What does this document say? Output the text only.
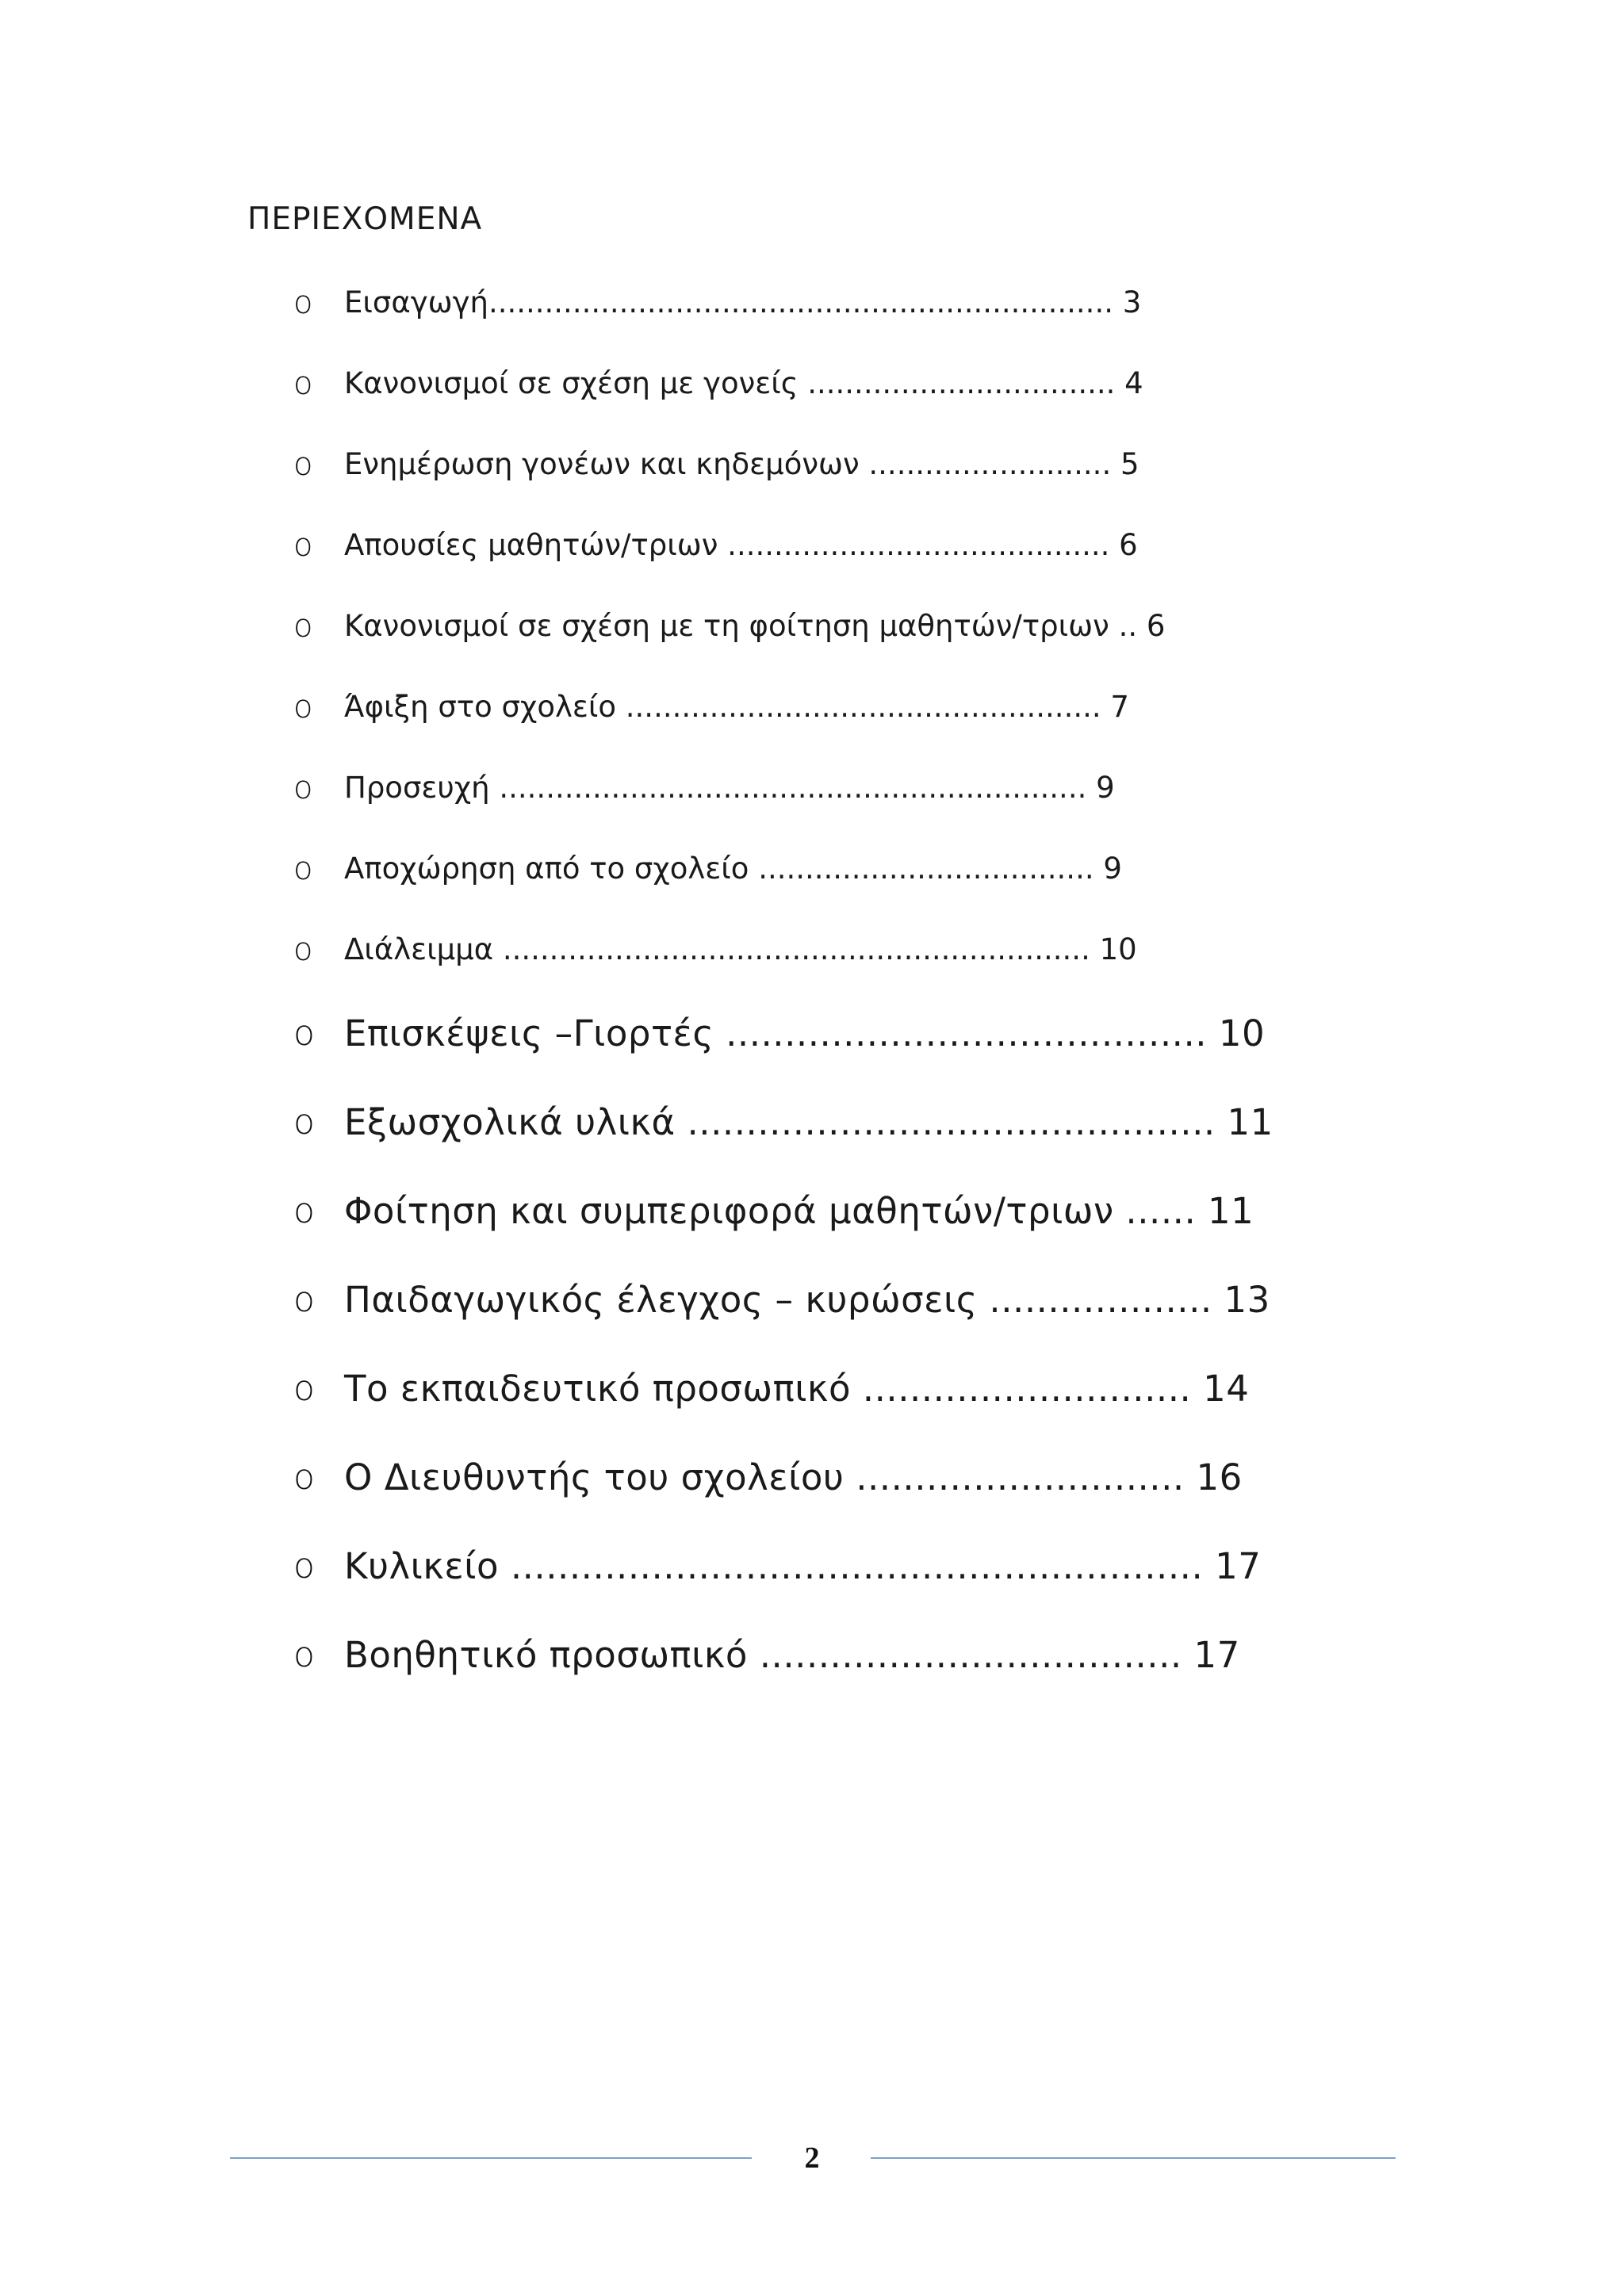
ΠΕΡΙΕΧΟΜΕΝΑ
o Εισαγωγή................................................................... 3
o Κανονισμοί σε σχέση με γονείς ................................. 4
o Ενημέρωση γονέων και κηδεμόνων .......................... 5
o Απουσίες μαθητών/τριων ......................................... 6
o Κανονισμοί σε σχέση με τη φοίτηση μαθητών/τριων .. 6
o Άφιξη στο σχολείο ................................................... 7
o Προσευχή ............................................................... 9
o Αποχώρηση από το σχολείο .................................... 9
o Διάλειμμα ............................................................... 10
o Επισκέψεις –Γιορτές ......................................... 10
o Εξωσχολικά υλικά ............................................. 11
o Φοίτηση και συμπεριφορά μαθητών/τριων ...... 11
o Παιδαγωγικός έλεγχος – κυρώσεις ................... 13
o Το εκπαιδευτικό προσωπικό ............................ 14
o Ο Διευθυντής του σχολείου ............................ 16
o Κυλικείο ........................................................... 17
o Βοηθητικό προσωπικό .................................... 17
2
